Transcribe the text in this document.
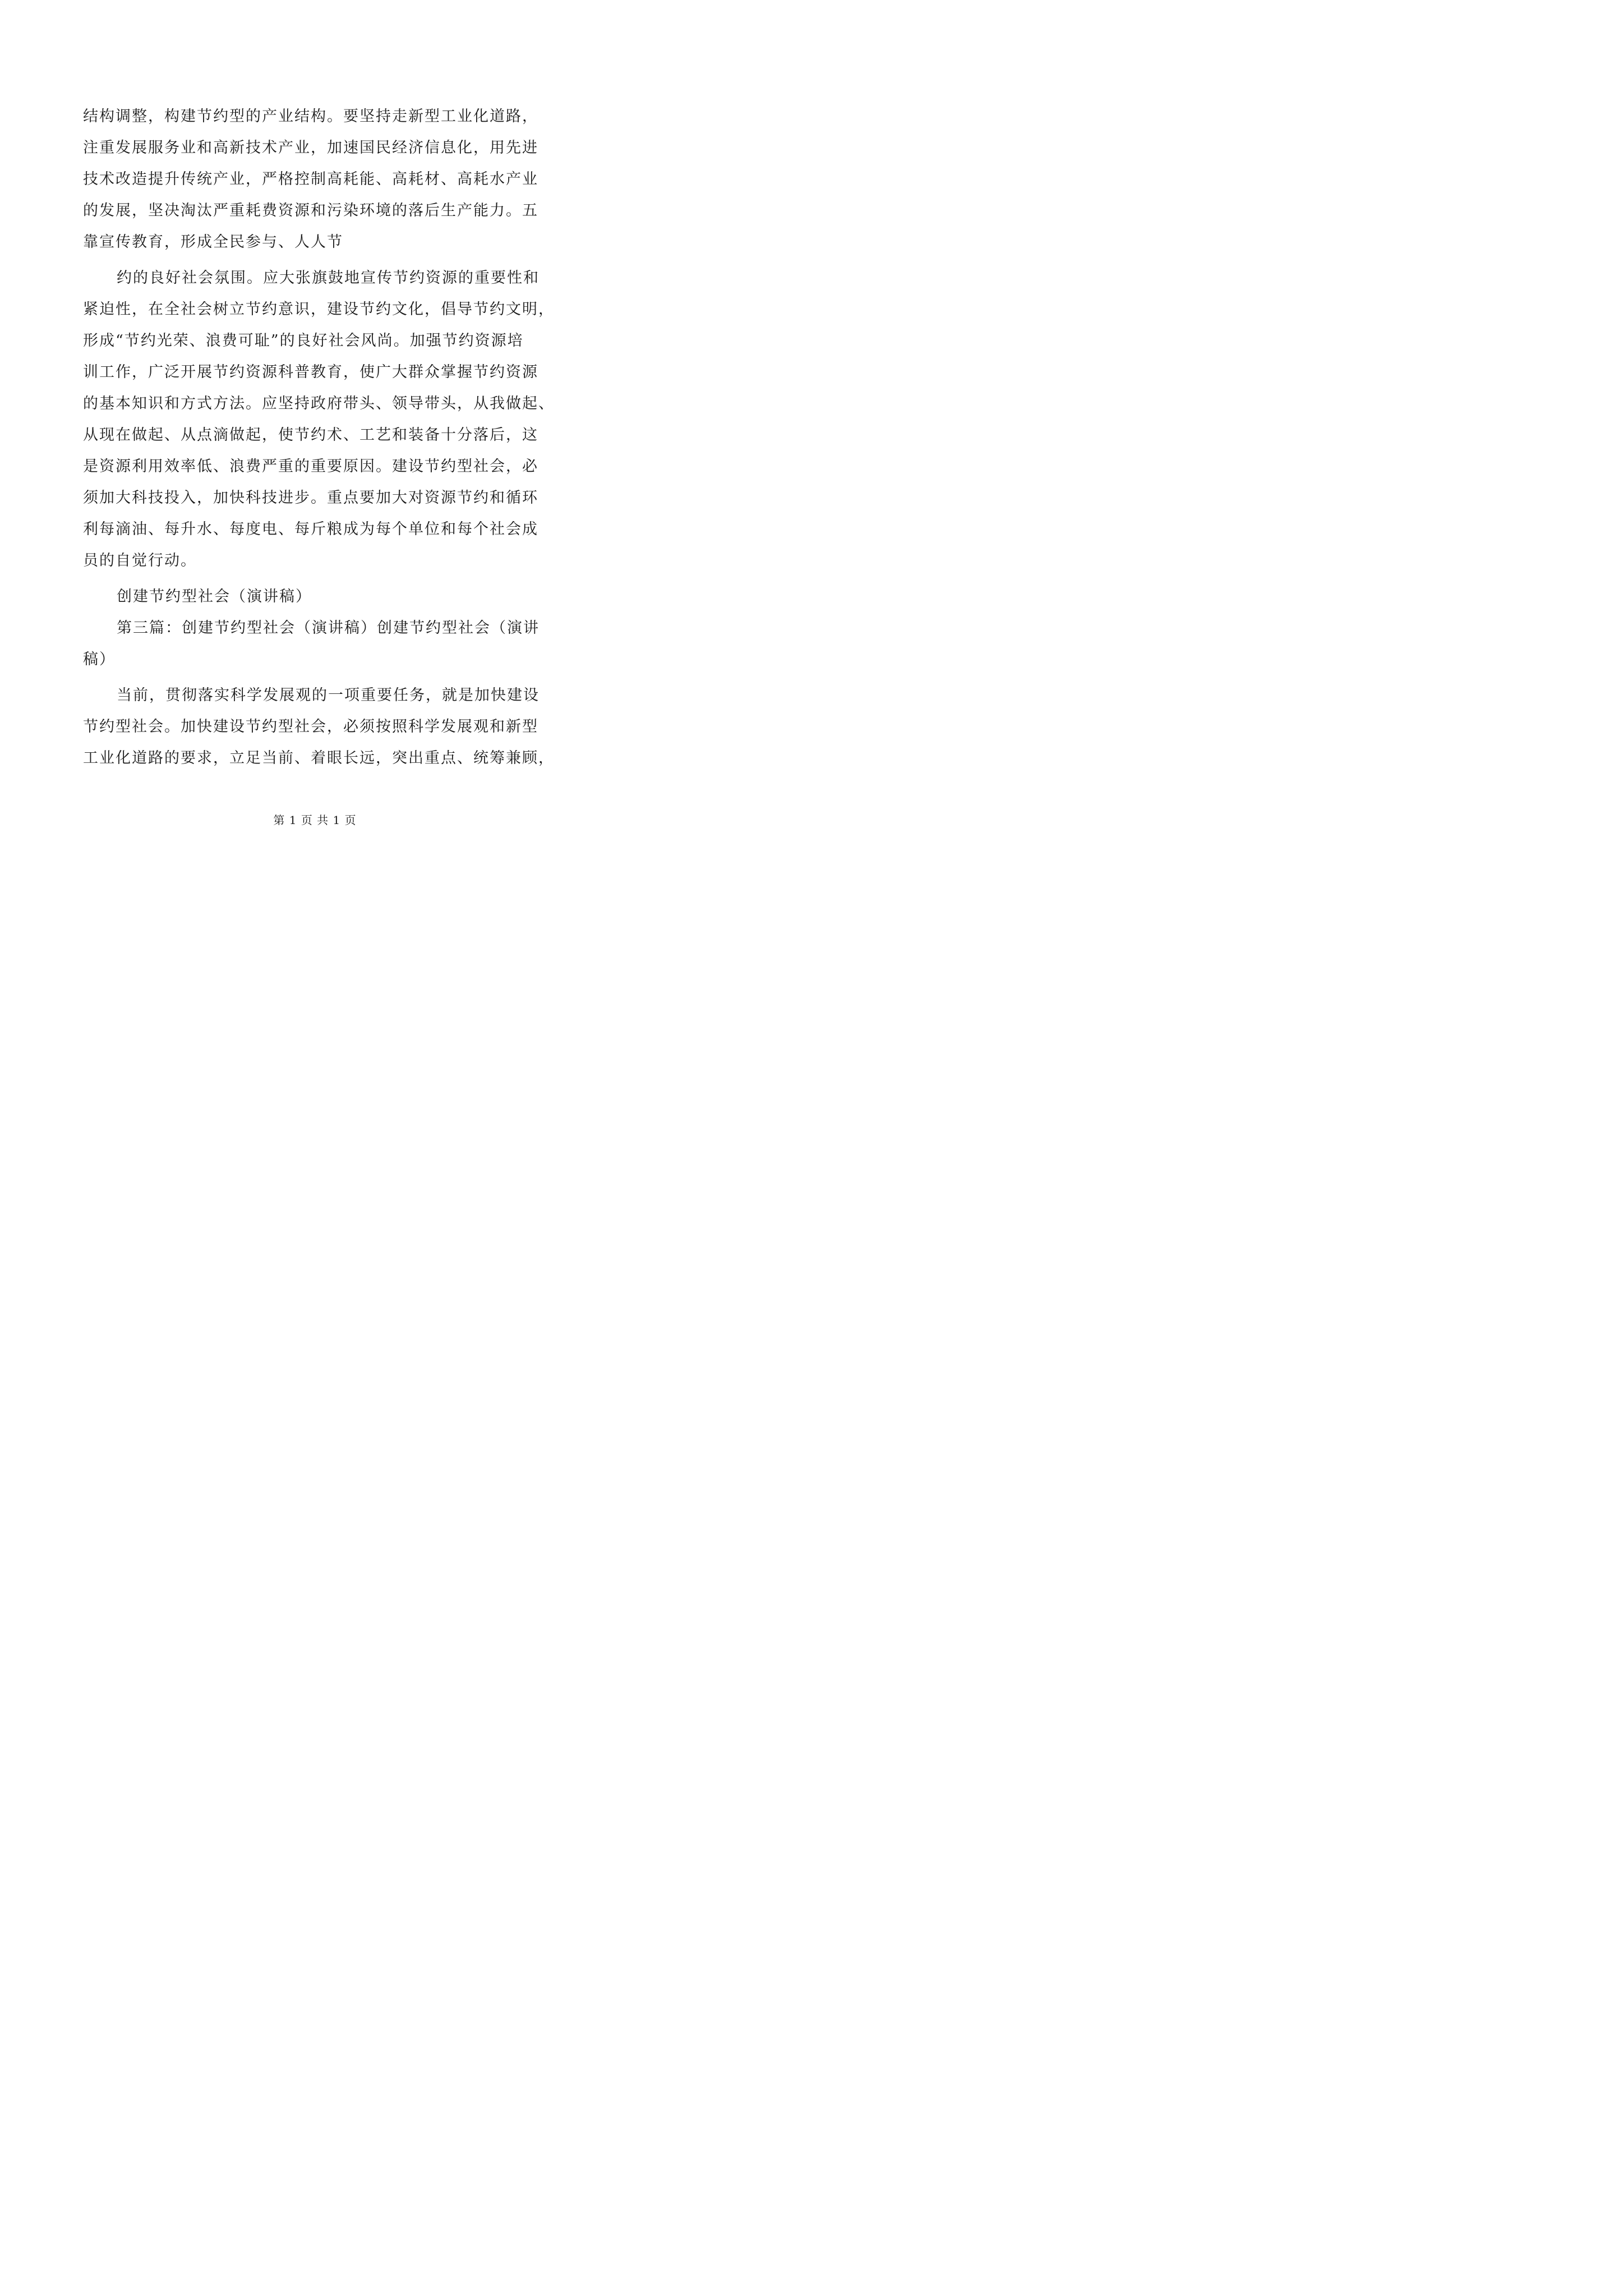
结构调整，构建节约型的产业结构。要坚持走新型工业化道路，
注重发展服务业和高新技术产业，加速国民经济信息化，用先进
技术改造提升传统产业，严格控制高耗能、高耗材、高耗水产业
的发展，坚决淘汰严重耗费资源和污染环境的落后生产能力。五
靠宣传教育，形成全民参与、人人节
约的良好社会氛围。应大张旗鼓地宣传节约资源的重要性和
紧迫性，在全社会树立节约意识，建设节约文化，倡导节约文明，
形成“节约光荣、浪费可耻”的良好社会风尚。加强节约资源培
训工作，广泛开展节约资源科普教育，使广大群众掌握节约资源
的基本知识和方式方法。应坚持政府带头、领导带头，从我做起、
从现在做起、从点滴做起，使节约术、工艺和装备十分落后，这
是资源利用效率低、浪费严重的重要原因。建设节约型社会，必
须加大科技投入，加快科技进步。重点要加大对资源节约和循环
利每滴油、每升水、每度电、每斤粮成为每个单位和每个社会成
员的自觉行动。
创建节约型社会（演讲稿）
第三篇：创建节约型社会（演讲稿）创建节约型社会（演讲
稿）
当前，贯彻落实科学发展观的一项重要任务，就是加快建设
节约型社会。加快建设节约型社会，必须按照科学发展观和新型
工业化道路的要求，立足当前、着眼长远，突出重点、统筹兼顾，
第 1 页 共 1 页
